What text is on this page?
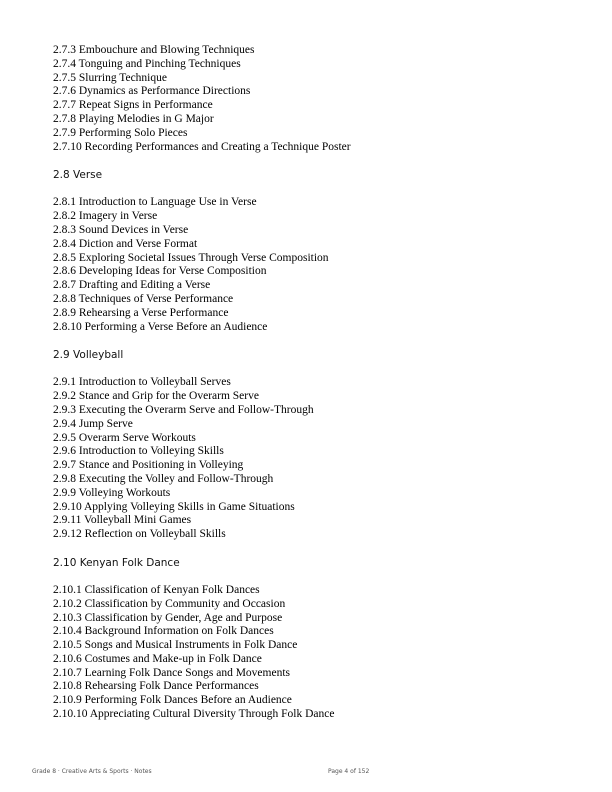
2.7.3 Embouchure and Blowing Techniques
2.7.4 Tonguing and Pinching Techniques
2.7.5 Slurring Technique
2.7.6 Dynamics as Performance Directions
2.7.7 Repeat Signs in Performance
2.7.8 Playing Melodies in G Major
2.7.9 Performing Solo Pieces
2.7.10 Recording Performances and Creating a Technique Poster
2.8 Verse
2.8.1 Introduction to Language Use in Verse
2.8.2 Imagery in Verse
2.8.3 Sound Devices in Verse
2.8.4 Diction and Verse Format
2.8.5 Exploring Societal Issues Through Verse Composition
2.8.6 Developing Ideas for Verse Composition
2.8.7 Drafting and Editing a Verse
2.8.8 Techniques of Verse Performance
2.8.9 Rehearsing a Verse Performance
2.8.10 Performing a Verse Before an Audience
2.9 Volleyball
2.9.1 Introduction to Volleyball Serves
2.9.2 Stance and Grip for the Overarm Serve
2.9.3 Executing the Overarm Serve and Follow-Through
2.9.4 Jump Serve
2.9.5 Overarm Serve Workouts
2.9.6 Introduction to Volleying Skills
2.9.7 Stance and Positioning in Volleying
2.9.8 Executing the Volley and Follow-Through
2.9.9 Volleying Workouts
2.9.10 Applying Volleying Skills in Game Situations
2.9.11 Volleyball Mini Games
2.9.12 Reflection on Volleyball Skills
2.10 Kenyan Folk Dance
2.10.1 Classification of Kenyan Folk Dances
2.10.2 Classification by Community and Occasion
2.10.3 Classification by Gender, Age and Purpose
2.10.4 Background Information on Folk Dances
2.10.5 Songs and Musical Instruments in Folk Dance
2.10.6 Costumes and Make-up in Folk Dance
2.10.7 Learning Folk Dance Songs and Movements
2.10.8 Rehearsing Folk Dance Performances
2.10.9 Performing Folk Dances Before an Audience
2.10.10 Appreciating Cultural Diversity Through Folk Dance
Grade 8 · Creative Arts & Sports · Notes	Page 4 of 152
